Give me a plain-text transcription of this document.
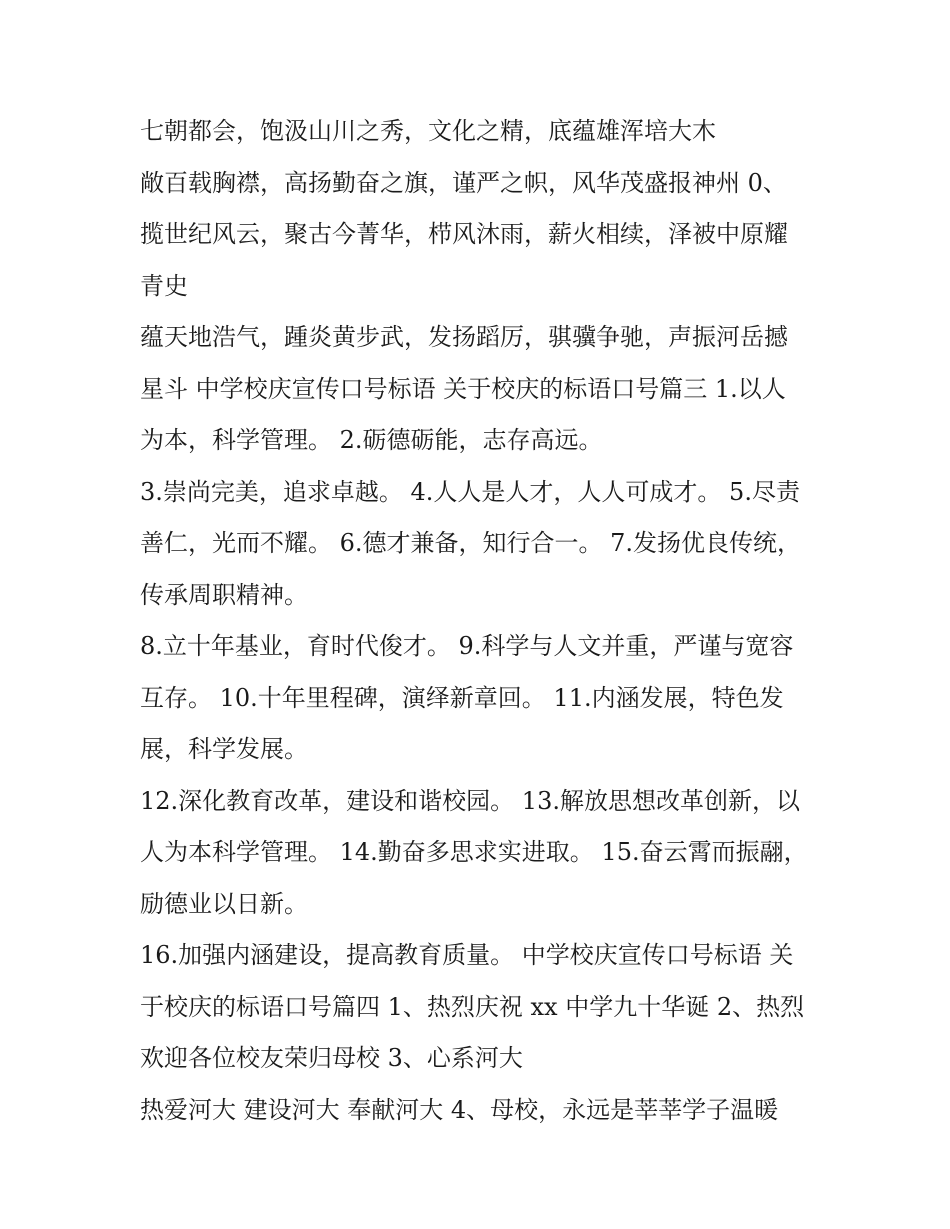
七朝都会，饱汲山川之秀，文化之精，底蕴雄浑培大木
敞百载胸襟，高扬勤奋之旗，谨严之帜，风华茂盛报神州 0、
揽世纪风云，聚古今菁华，栉风沐雨，薪火相续，泽被中原耀
青史
蕴天地浩气，踵炎黄步武，发扬蹈厉，骐骥争驰，声振河岳撼
星斗 中学校庆宣传口号标语 关于校庆的标语口号篇三 1.以人
为本，科学管理。 2.砺德砺能，志存高远。
3.崇尚完美，追求卓越。 4.人人是人才，人人可成才。 5.尽责
善仁，光而不耀。 6.德才兼备，知行合一。 7.发扬优良传统，
传承周职精神。
8.立十年基业，育时代俊才。 9.科学与人文并重，严谨与宽容
互存。 10.十年里程碑，演绎新章回。 11.内涵发展，特色发
展，科学发展。
12.深化教育改革，建设和谐校园。 13.解放思想改革创新，以
人为本科学管理。 14.勤奋多思求实进取。 15.奋云霄而振翮，
励德业以日新。
16.加强内涵建设，提高教育质量。 中学校庆宣传口号标语 关
于校庆的标语口号篇四 1、热烈庆祝 xx 中学九十华诞 2、热烈
欢迎各位校友荣归母校 3、心系河大
热爱河大 建设河大 奉献河大 4、母校，永远是莘莘学子温暖
